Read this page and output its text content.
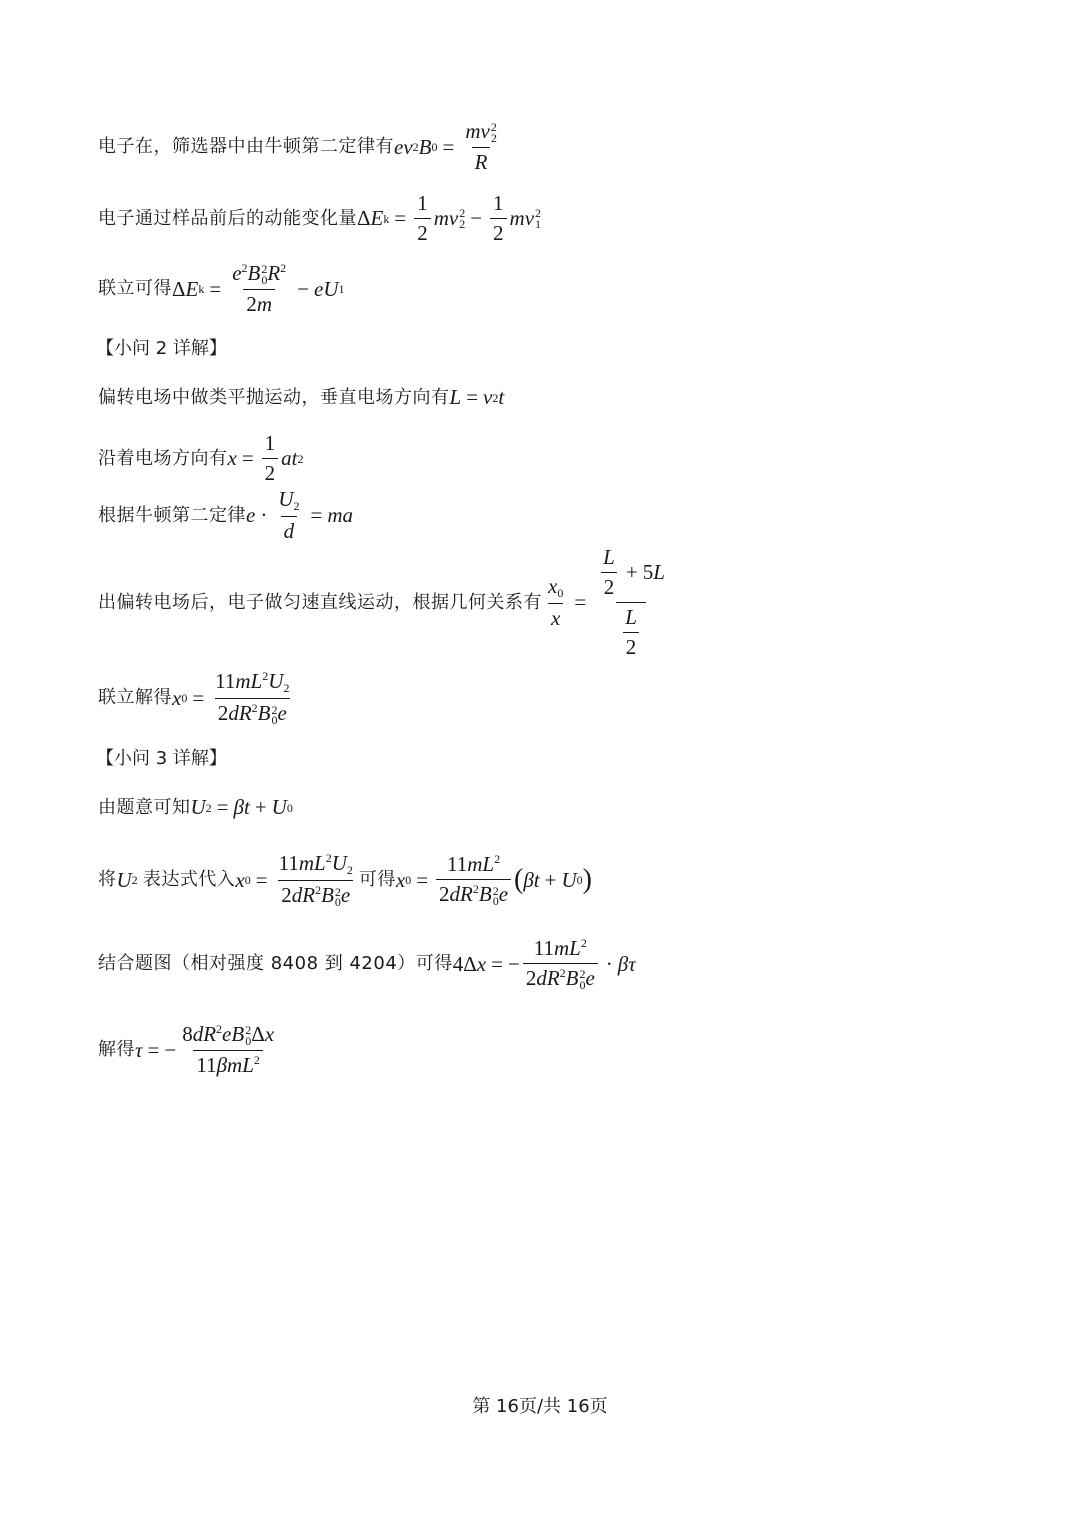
电子在，筛选器中由牛顿第二定律有 ev 2 B 0 = mv 2
2
R
电子通过样品前后的动能变化量 Δ E $k = \frac{1}{2}$ mv 2
$2 - \frac{1}{2}$ mv 2
1
联立可得 Δ E $k = e^2B$ 2
0 $R^2$
2m − eU 1
【小问 2 详解】
偏转电场中做类平抛运动，垂直电场方向有 L = v 2 t
沿着电场方向有 $x = \frac{1}{2}$ at 2
根据牛顿第二定律 $e \cdot \frac{U_2}{d}$ = ma
出偏转电场后，电子做匀速直线运动，根据几何关系有 $\frac{x_0}{x} = \frac{\frac{L}{2} + 5 L}{\frac{L}{2}}$
联立解得 x $0 = 11mL^2U_2$
$2dR^2B$ 2
0 e
【小问 3 详解】
由题意可知 U 2 = βt + U 0
将 U 2
表达式代入 x $0 = 11mL^2U_2$
$2dR^2B$ 2
0 e 可得 x $0 = 11mL^2$
$2dR^2B$ 2
0 e ( βt + U 0 )
结合题图（相对强度 8408 到 4204）可得 4Δ x = − $11mL^2$
$2dR^2B$ 2
0 e · βτ
解得 τ = − $8dR^2eB$ 2
0 Δx
11βmL$^2$
第 16页/共 16页
